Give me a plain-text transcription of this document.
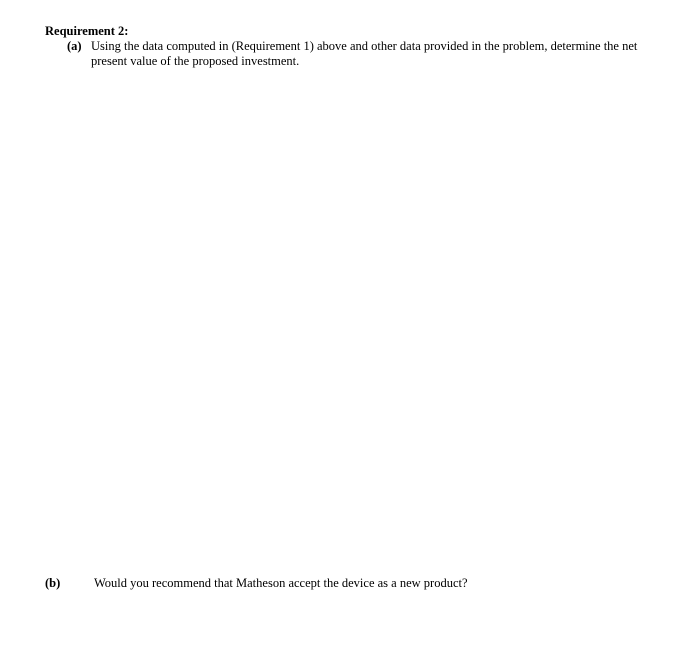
Requirement 2:
(a) Using the data computed in (Requirement 1) above and other data provided in the problem, determine the net present value of the proposed investment.
(b)	Would you recommend that Matheson accept the device as a new product?
